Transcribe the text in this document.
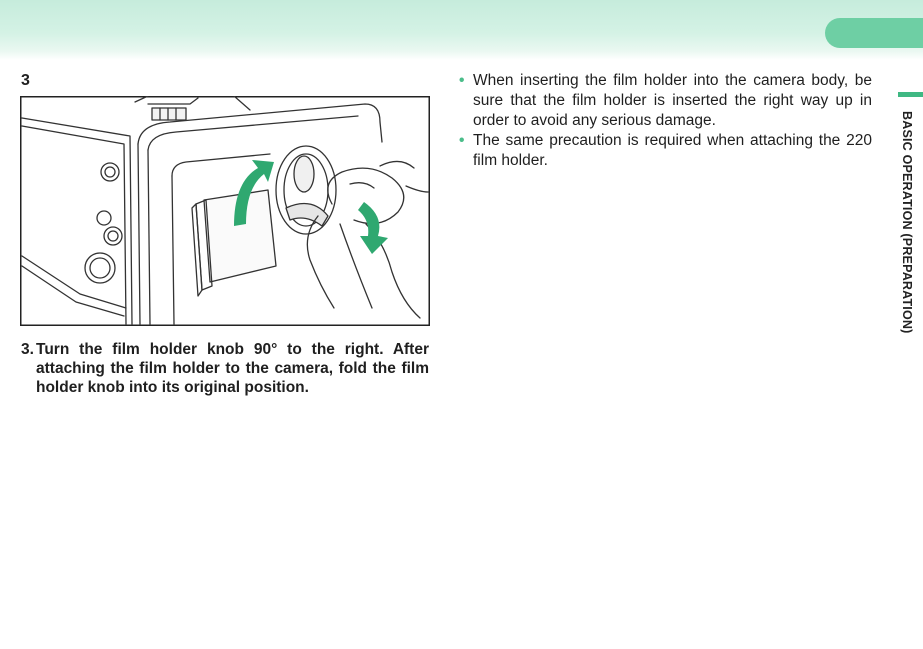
3
3. Turn the film holder knob 90° to the right. After attaching the film holder to the camera, fold the film holder knob into its original position.
• When inserting the film holder into the camera body, be sure that the film holder is inserted the right way up in order to avoid any serious damage.
• The same precaution is required when attaching the 220 film holder.	BASIC OPERATION (PREPARATION)
